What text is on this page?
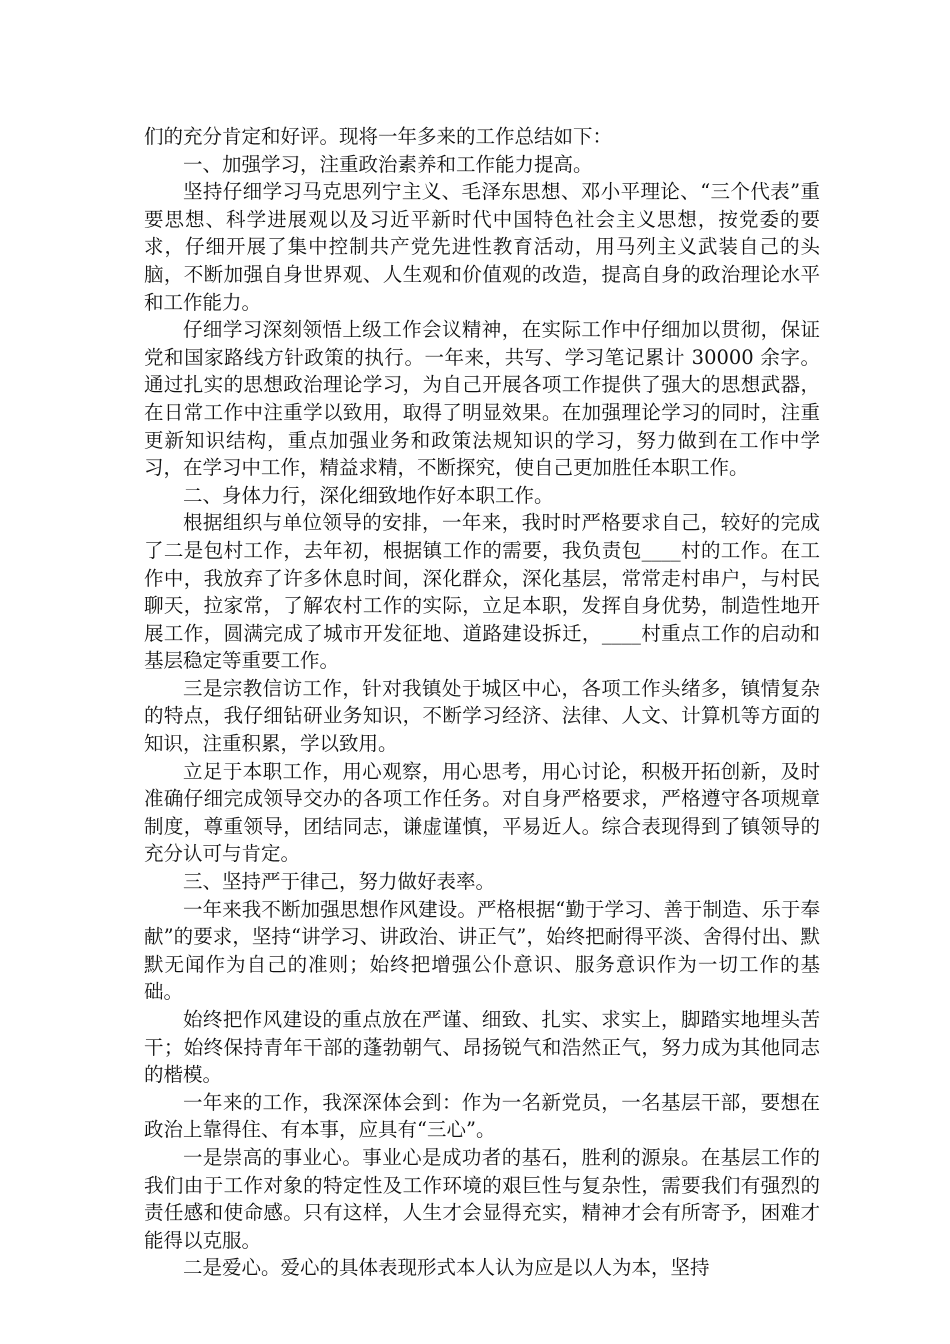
们的充分肯定和好评。现将一年多来的工作总结如下：

一、加强学习，注重政治素养和工作能力提高。

坚持仔细学习马克思列宁主义、毛泽东思想、邓小平理论、“三个代表”重要思想、科学进展观以及习近平新时代中国特色社会主义思想，按党委的要求，仔细开展了集中控制共产党先进性教育活动，用马列主义武装自己的头脑，不断加强自身世界观、人生观和价值观的改造，提高自身的政治理论水平和工作能力。

仔细学习深刻领悟上级工作会议精神，在实际工作中仔细加以贯彻，保证党和国家路线方针政策的执行。一年来，共写、学习笔记累计 30000 余字。通过扎实的思想政治理论学习，为自己开展各项工作提供了强大的思想武器，在日常工作中注重学以致用，取得了明显效果。在加强理论学习的同时，注重更新知识结构，重点加强业务和政策法规知识的学习，努力做到在工作中学习，在学习中工作，精益求精，不断探究，使自己更加胜任本职工作。

二、身体力行，深化细致地作好本职工作。

根据组织与单位领导的安排，一年来，我时时严格要求自己，较好的完成了二是包村工作，去年初，根据镇工作的需要，我负责包____村的工作。在工作中，我放弃了许多休息时间，深化群众，深化基层，常常走村串户，与村民聊天，拉家常，了解农村工作的实际，立足本职，发挥自身优势，制造性地开展工作，圆满完成了城市开发征地、道路建设拆迁，____村重点工作的启动和基层稳定等重要工作。

三是宗教信访工作，针对我镇处于城区中心，各项工作头绪多，镇情复杂的特点，我仔细钻研业务知识，不断学习经济、法律、人文、计算机等方面的知识，注重积累，学以致用。

立足于本职工作，用心观察，用心思考，用心讨论，积极开拓创新，及时准确仔细完成领导交办的各项工作任务。对自身严格要求，严格遵守各项规章制度，尊重领导，团结同志，谦虚谨慎，平易近人。综合表现得到了镇领导的充分认可与肯定。

三、坚持严于律己，努力做好表率。

一年来我不断加强思想作风建设。严格根据“勤于学习、善于制造、乐于奉献”的要求，坚持“讲学习、讲政治、讲正气”，始终把耐得平淡、舍得付出、默默无闻作为自己的准则；始终把增强公仆意识、服务意识作为一切工作的基础。

始终把作风建设的重点放在严谨、细致、扎实、求实上，脚踏实地埋头苦干；始终保持青年干部的蓬勃朝气、昂扬锐气和浩然正气，努力成为其他同志的楷模。

一年来的工作，我深深体会到：作为一名新党员，一名基层干部，要想在政治上靠得住、有本事，应具有“三心”。

一是崇高的事业心。事业心是成功者的基石，胜利的源泉。在基层工作的我们由于工作对象的特定性及工作环境的艰巨性与复杂性，需要我们有强烈的责任感和使命感。只有这样，人生才会显得充实，精神才会有所寄予，困难才能得以克服。

二是爱心。爱心的具体表现形式本人认为应是以人为本，坚持
